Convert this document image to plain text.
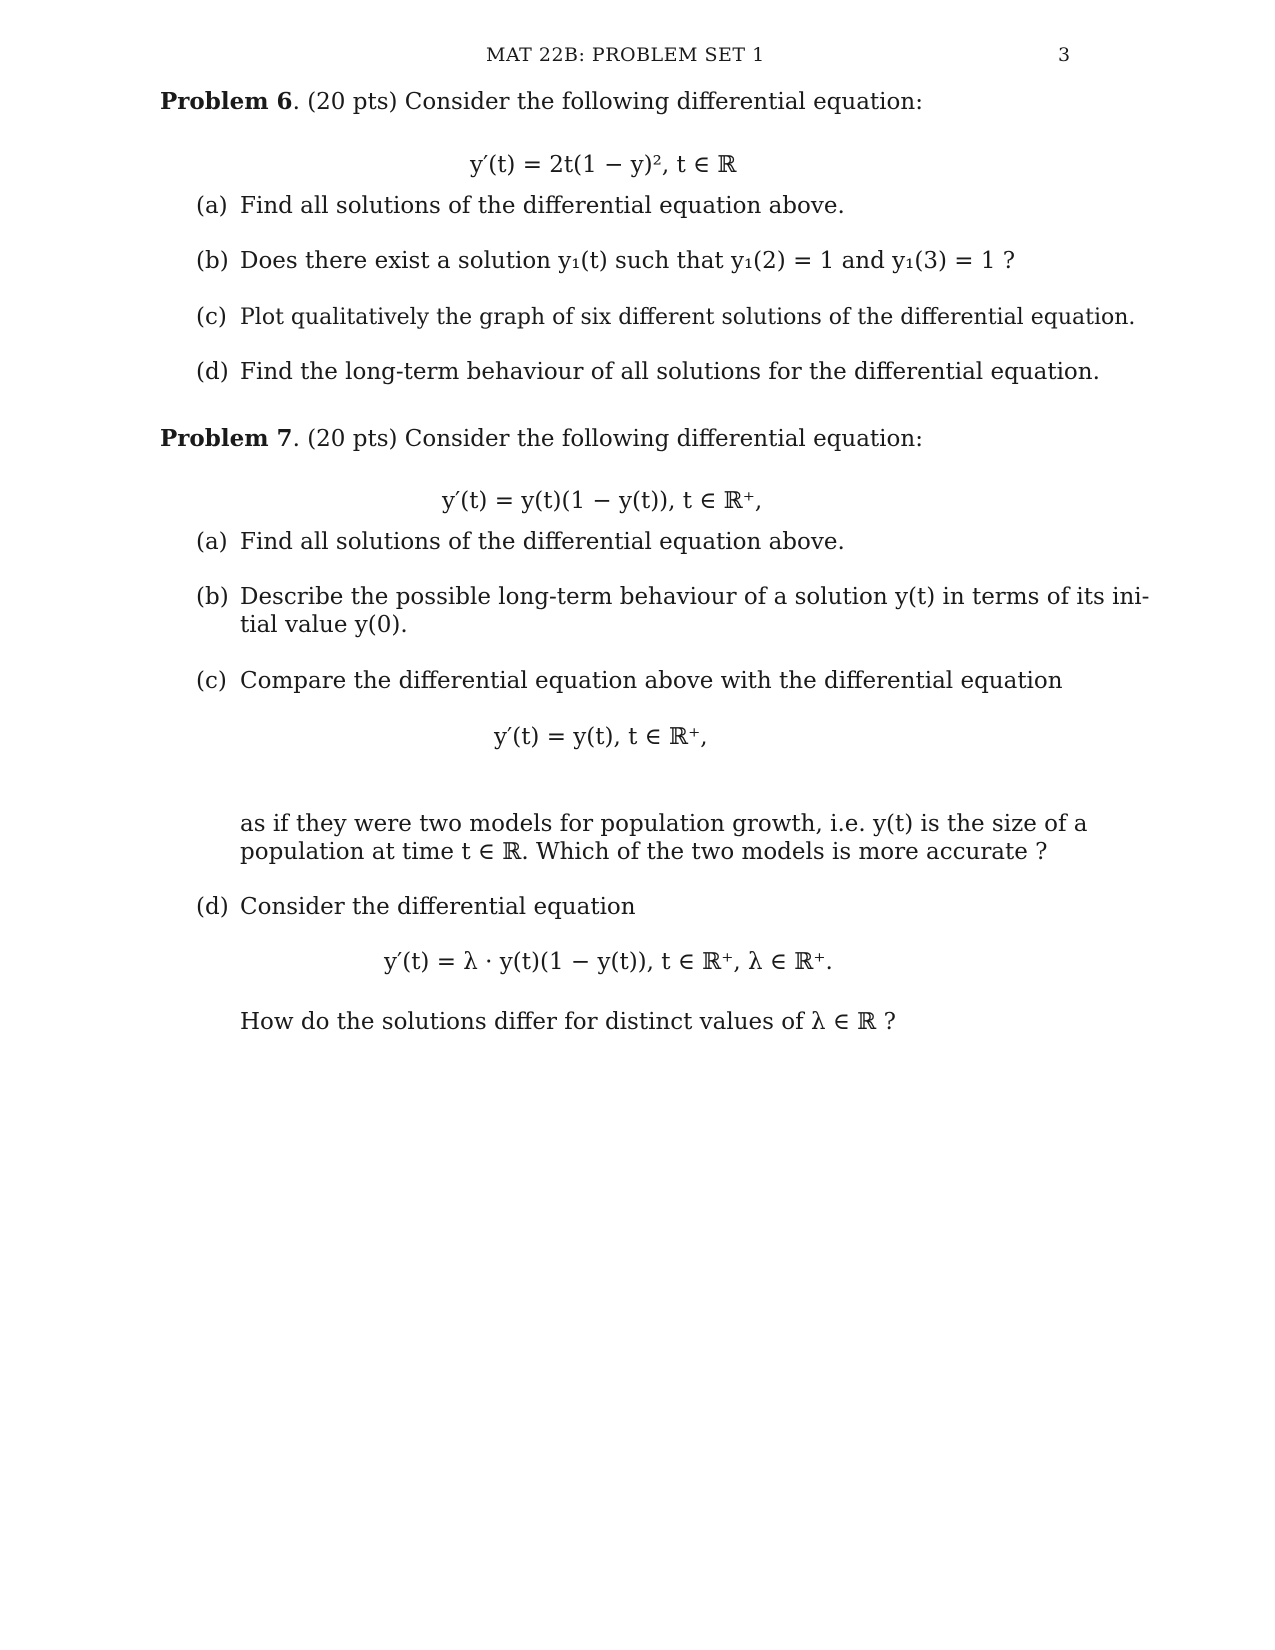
MAT 22B: PROBLEM SET 1	3
Problem 6. (20 pts) Consider the following differential equation:
y′(t) = 2t(1 − y)², t ∈ ℝ
(a) Find all solutions of the differential equation above.
(b) Does there exist a solution y₁(t) such that y₁(2) = 1 and y₁(3) = 1 ?
(c) Plot qualitatively the graph of six different solutions of the differential equation.
(d) Find the long-term behaviour of all solutions for the differential equation.
Problem 7. (20 pts) Consider the following differential equation:
y′(t) = y(t)(1 − y(t)), t ∈ ℝ⁺,
(a) Find all solutions of the differential equation above.
(b) Describe the possible long-term behaviour of a solution y(t) in terms of its ini-
tial value y(0).
(c) Compare the differential equation above with the differential equation
y′(t) = y(t), t ∈ ℝ⁺,
as if they were two models for population growth, i.e. y(t) is the size of a
population at time t ∈ ℝ. Which of the two models is more accurate ?
(d) Consider the differential equation
y′(t) = λ · y(t)(1 − y(t)), t ∈ ℝ⁺, λ ∈ ℝ⁺.
How do the solutions differ for distinct values of λ ∈ ℝ ?
